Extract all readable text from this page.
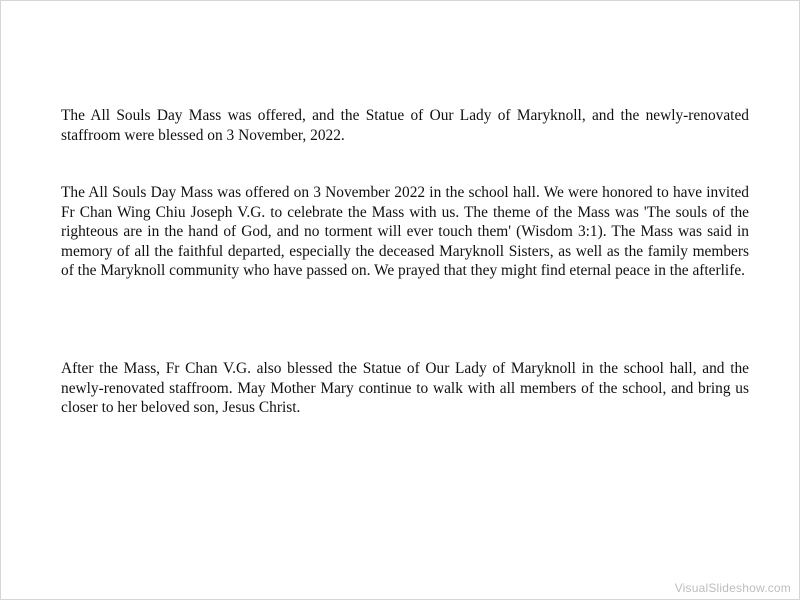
The All Souls Day Mass was offered, and the Statue of Our Lady of Maryknoll, and the newly-renovated staffroom were blessed on 3 November, 2022.

The All Souls Day Mass was offered on 3 November 2022 in the school hall. We were honored to have invited Fr Chan Wing Chiu Joseph V.G. to celebrate the Mass with us. The theme of the Mass was 'The souls of the righteous are in the hand of God, and no torment will ever touch them' (Wisdom 3:1). The Mass was said in memory of all the faithful departed, especially the deceased Maryknoll Sisters, as well as the family members of the Maryknoll community who have passed on. We prayed that they might find eternal peace in the afterlife.

After the Mass, Fr Chan V.G. also blessed the Statue of Our Lady of Maryknoll in the school hall, and the newly-renovated staffroom. May Mother Mary continue to walk with all members of the school, and bring us closer to her beloved son, Jesus Christ.

VisualSlideshow.com
